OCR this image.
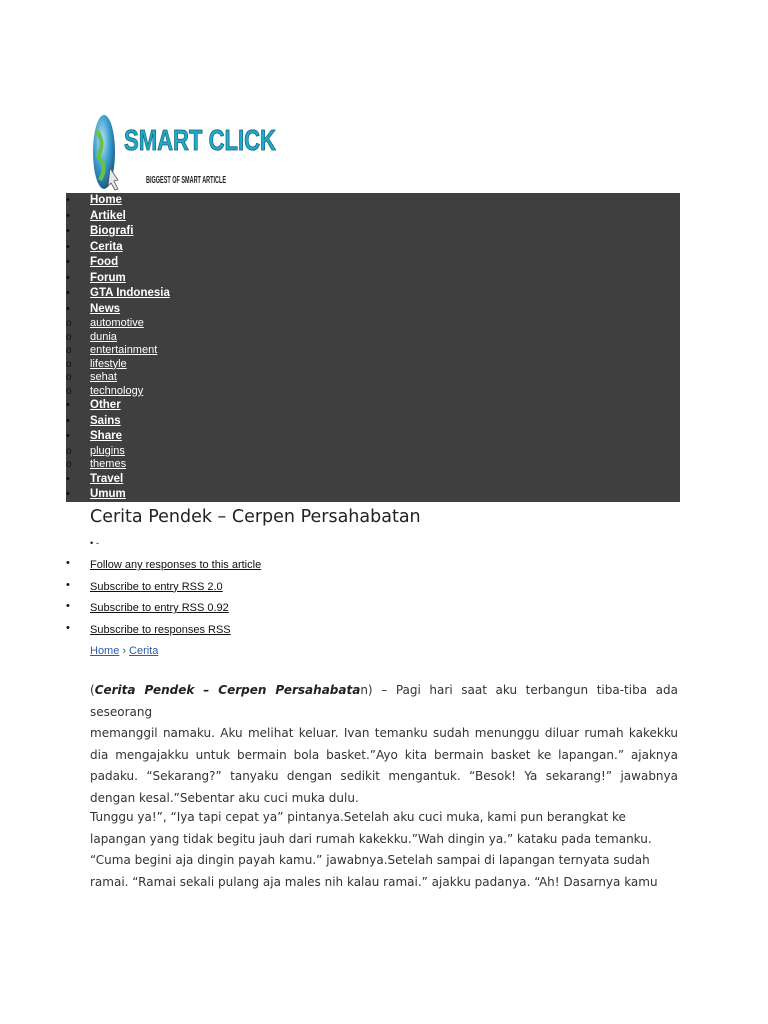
SMART CLICK
BIGGEST OF SMART ARTICLE
•	Home
•	Artikel
•	Biografi
•	Cerita
•	Food
•	Forum
•	GTA Indonesia
•	News
o	automotive
o	dunia
o	entertainment
o	lifestyle
o	sehat
o	technology
•	Other
•	Sains
•	Share
o	plugins
o	themes
•	Travel
•	Umum
Cerita Pendek – Cerpen Persahabatan
• -
• Follow any responses to this article
• Subscribe to entry RSS 2.0
• Subscribe to entry RSS 0.92
• Subscribe to responses RSS
Home › Cerita
(Cerita Pendek – Cerpen Persahabatan) – Pagi hari saat aku terbangun tiba-tiba ada seseorang
memanggil namaku. Aku melihat keluar. Ivan temanku sudah menunggu diluar rumah kakekku
dia mengajakku untuk bermain bola basket.”Ayo kita bermain basket ke lapangan.” ajaknya
padaku. “Sekarang?” tanyaku dengan sedikit mengantuk. “Besok! Ya sekarang!” jawabnya
dengan kesal.”Sebentar aku cuci muka dulu.
Tunggu ya!”, “Iya tapi cepat ya” pintanya.Setelah aku cuci muka, kami pun berangkat ke
lapangan yang tidak begitu jauh dari rumah kakekku.”Wah dingin ya.” kataku pada temanku.
“Cuma begini aja dingin payah kamu.” jawabnya.Setelah sampai di lapangan ternyata sudah
ramai. “Ramai sekali pulang aja males nih kalau ramai.” ajakku padanya. “Ah! Dasarnya kamu
